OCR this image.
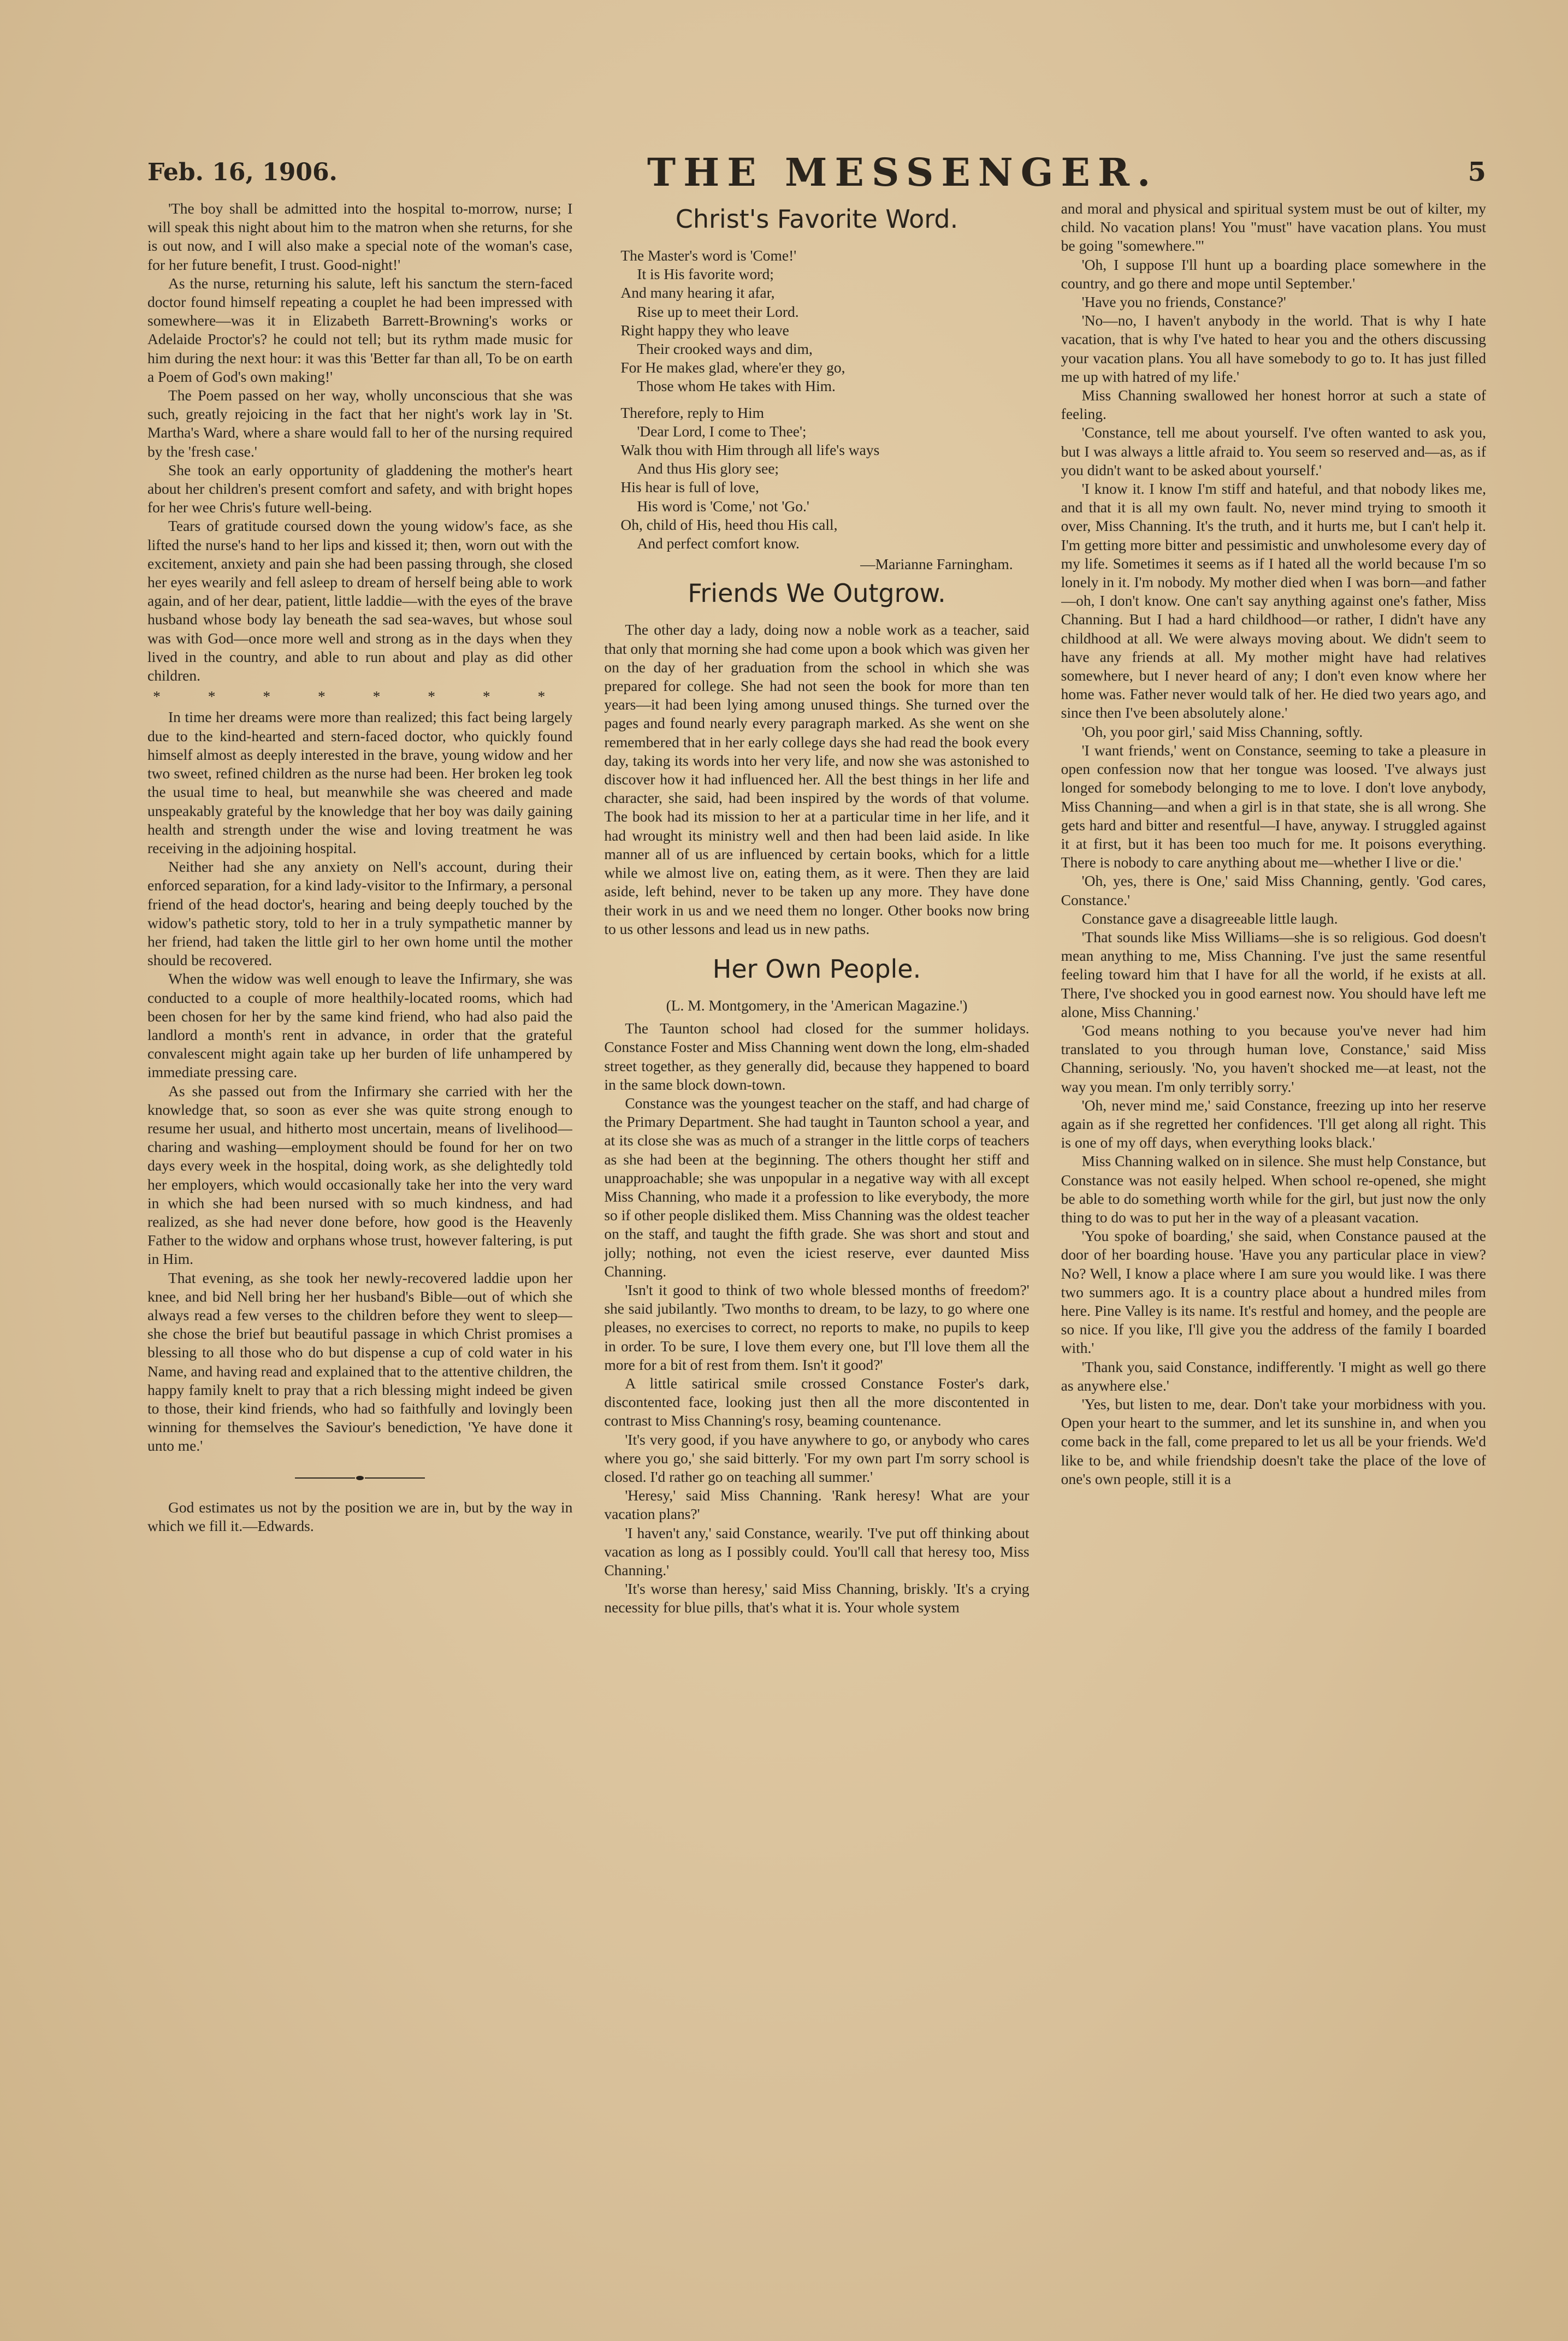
Feb. 16, 1906.	THE MESSENGER.	5

'The boy shall be admitted into the hospital to-morrow, nurse; I will speak this night about him to the matron when she returns, for she is out now, and I will also make a special note of the woman's case, for her future benefit, I trust. Good-night!'

As the nurse, returning his salute, left his sanctum the stern-faced doctor found himself repeating a couplet he had been impressed with somewhere—was it in Elizabeth Barrett-Browning's works or Adelaide Proctor's? he could not tell; but its rythm made music for him during the next hour: it was this 'Better far than all, To be on earth a Poem of God's own making!'

The Poem passed on her way, wholly unconscious that she was such, greatly rejoicing in the fact that her night's work lay in 'St. Martha's Ward, where a share would fall to her of the nursing required by the 'fresh case.'

She took an early opportunity of gladdening the mother's heart about her children's present comfort and safety, and with bright hopes for her wee Chris's future well-being.

Tears of gratitude coursed down the young widow's face, as she lifted the nurse's hand to her lips and kissed it; then, worn out with the excitement, anxiety and pain she had been passing through, she closed her eyes wearily and fell asleep to dream of herself being able to work again, and of her dear, patient, little laddie—with the eyes of the brave husband whose body lay beneath the sad sea-waves, but whose soul was with God—once more well and strong as in the days when they lived in the country, and able to run about and play as did other children.

* * * * * * * *

In time her dreams were more than realized; this fact being largely due to the kind-hearted and stern-faced doctor, who quickly found himself almost as deeply interested in the brave, young widow and her two sweet, refined children as the nurse had been. Her broken leg took the usual time to heal, but meanwhile she was cheered and made unspeakably grateful by the knowledge that her boy was daily gaining health and strength under the wise and loving treatment he was receiving in the adjoining hospital.

Neither had she any anxiety on Nell's account, during their enforced separation, for a kind lady-visitor to the Infirmary, a personal friend of the head doctor's, hearing and being deeply touched by the widow's pathetic story, told to her in a truly sympathetic manner by her friend, had taken the little girl to her own home until the mother should be recovered.

When the widow was well enough to leave the Infirmary, she was conducted to a couple of more healthily-located rooms, which had been chosen for her by the same kind friend, who had also paid the landlord a month's rent in advance, in order that the grateful convalescent might again take up her burden of life unhampered by immediate pressing care.

As she passed out from the Infirmary she carried with her the knowledge that, so soon as ever she was quite strong enough to resume her usual, and hitherto most uncertain, means of livelihood—charing and washing—employment should be found for her on two days every week in the hospital, doing work, as she delightedly told her employers, which would occasionally take her into the very ward in which she had been nursed with so much kindness, and had realized, as she had never done before, how good is the Heavenly Father to the widow and orphans whose trust, however faltering, is put in Him.

That evening, as she took her newly-recovered laddie upon her knee, and bid Nell bring her her husband's Bible—out of which she always read a few verses to the children before they went to sleep—she chose the brief but beautiful passage in which Christ promises a blessing to all those who do but dispense a cup of cold water in his Name, and having read and explained that to the attentive children, the happy family knelt to pray that a rich blessing might indeed be given to those, their kind friends, who had so faithfully and lovingly been winning for themselves the Saviour's benediction, 'Ye have done it unto me.'

God estimates us not by the position we are in, but by the way in which we fill it.—Edwards.

Christ's Favorite Word.
The Master's word is 'Come!'
It is His favorite word;
And many hearing it afar,
Rise up to meet their Lord.
Right happy they who leave
Their crooked ways and dim,
For He makes glad, where'er they go,
Those whom He takes with Him.
Therefore, reply to Him
'Dear Lord, I come to Thee';
Walk thou with Him through all life's ways
And thus His glory see;
His hear is full of love,
His word is 'Come,' not 'Go.'
Oh, child of His, heed thou His call,
And perfect comfort know.
—Marianne Farningham.
Friends We Outgrow.

The other day a lady, doing now a noble work as a teacher, said that only that morning she had come upon a book which was given her on the day of her graduation from the school in which she was prepared for college. She had not seen the book for more than ten years—it had been lying among unused things. She turned over the pages and found nearly every paragraph marked. As she went on she remembered that in her early college days she had read the book every day, taking its words into her very life, and now she was astonished to discover how it had influenced her. All the best things in her life and character, she said, had been inspired by the words of that volume. The book had its mission to her at a particular time in her life, and it had wrought its ministry well and then had been laid aside. In like manner all of us are influenced by certain books, which for a little while we almost live on, eating them, as it were. Then they are laid aside, left behind, never to be taken up any more. They have done their work in us and we need them no longer. Other books now bring to us other lessons and lead us in new paths.

Her Own People.

(L. M. Montgomery, in the 'American Magazine.')

The Taunton school had closed for the summer holidays. Constance Foster and Miss Channing went down the long, elm-shaded street together, as they generally did, because they happened to board in the same block down-town.

Constance was the youngest teacher on the staff, and had charge of the Primary Department. She had taught in Taunton school a year, and at its close she was as much of a stranger in the little corps of teachers as she had been at the beginning. The others thought her stiff and unapproachable; she was unpopular in a negative way with all except Miss Channing, who made it a profession to like everybody, the more so if other people disliked them. Miss Channing was the oldest teacher on the staff, and taught the fifth grade. She was short and stout and jolly; nothing, not even the iciest reserve, ever daunted Miss Channing.

'Isn't it good to think of two whole blessed months of freedom?' she said jubilantly. 'Two months to dream, to be lazy, to go where one pleases, no exercises to correct, no reports to make, no pupils to keep in order. To be sure, I love them every one, but I'll love them all the more for a bit of rest from them. Isn't it good?'

A little satirical smile crossed Constance Foster's dark, discontented face, looking just then all the more discontented in contrast to Miss Channing's rosy, beaming countenance.

'It's very good, if you have anywhere to go, or anybody who cares where you go,' she said bitterly. 'For my own part I'm sorry school is closed. I'd rather go on teaching all summer.'

'Heresy,' said Miss Channing. 'Rank heresy! What are your vacation plans?'

'I haven't any,' said Constance, wearily. 'I've put off thinking about vacation as long as I possibly could. You'll call that heresy too, Miss Channing.'

'It's worse than heresy,' said Miss Channing, briskly. 'It's a crying necessity for blue pills, that's what it is. Your whole system

and moral and physical and spiritual system must be out of kilter, my child. No vacation plans! You "must" have vacation plans. You must be going "somewhere."'

'Oh, I suppose I'll hunt up a boarding place somewhere in the country, and go there and mope until September.'

'Have you no friends, Constance?'

'No—no, I haven't anybody in the world. That is why I hate vacation, that is why I've hated to hear you and the others discussing your vacation plans. You all have somebody to go to. It has just filled me up with hatred of my life.'

Miss Channing swallowed her honest horror at such a state of feeling.

'Constance, tell me about yourself. I've often wanted to ask you, but I was always a little afraid to. You seem so reserved and—as, as if you didn't want to be asked about yourself.'

'I know it. I know I'm stiff and hateful, and that nobody likes me, and that it is all my own fault. No, never mind trying to smooth it over, Miss Channing. It's the truth, and it hurts me, but I can't help it. I'm getting more bitter and pessimistic and unwholesome every day of my life. Sometimes it seems as if I hated all the world because I'm so lonely in it. I'm nobody. My mother died when I was born—and father—oh, I don't know. One can't say anything against one's father, Miss Channing. But I had a hard childhood—or rather, I didn't have any childhood at all. We were always moving about. We didn't seem to have any friends at all. My mother might have had relatives somewhere, but I never heard of any; I don't even know where her home was. Father never would talk of her. He died two years ago, and since then I've been absolutely alone.'

'Oh, you poor girl,' said Miss Channing, softly.

'I want friends,' went on Constance, seeming to take a pleasure in open confession now that her tongue was loosed. 'I've always just longed for somebody belonging to me to love. I don't love anybody, Miss Channing—and when a girl is in that state, she is all wrong. She gets hard and bitter and resentful—I have, anyway. I struggled against it at first, but it has been too much for me. It poisons everything. There is nobody to care anything about me—whether I live or die.'

'Oh, yes, there is One,' said Miss Channing, gently. 'God cares, Constance.'

Constance gave a disagreeable little laugh.

'That sounds like Miss Williams—she is so religious. God doesn't mean anything to me, Miss Channing. I've just the same resentful feeling toward him that I have for all the world, if he exists at all. There, I've shocked you in good earnest now. You should have left me alone, Miss Channing.'

'God means nothing to you because you've never had him translated to you through human love, Constance,' said Miss Channing, seriously. 'No, you haven't shocked me—at least, not the way you mean. I'm only terribly sorry.'

'Oh, never mind me,' said Constance, freezing up into her reserve again as if she regretted her confidences. 'I'll get along all right. This is one of my off days, when everything looks black.'

Miss Channing walked on in silence. She must help Constance, but Constance was not easily helped. When school re-opened, she might be able to do something worth while for the girl, but just now the only thing to do was to put her in the way of a pleasant vacation.

'You spoke of boarding,' she said, when Constance paused at the door of her boarding house. 'Have you any particular place in view? No? Well, I know a place where I am sure you would like. I was there two summers ago. It is a country place about a hundred miles from here. Pine Valley is its name. It's restful and homey, and the people are so nice. If you like, I'll give you the address of the family I boarded with.'

'Thank you, said Constance, indifferently. 'I might as well go there as anywhere else.'

'Yes, but listen to me, dear. Don't take your morbidness with you. Open your heart to the summer, and let its sunshine in, and when you come back in the fall, come prepared to let us all be your friends. We'd like to be, and while friendship doesn't take the place of the love of one's own people, still it is a
